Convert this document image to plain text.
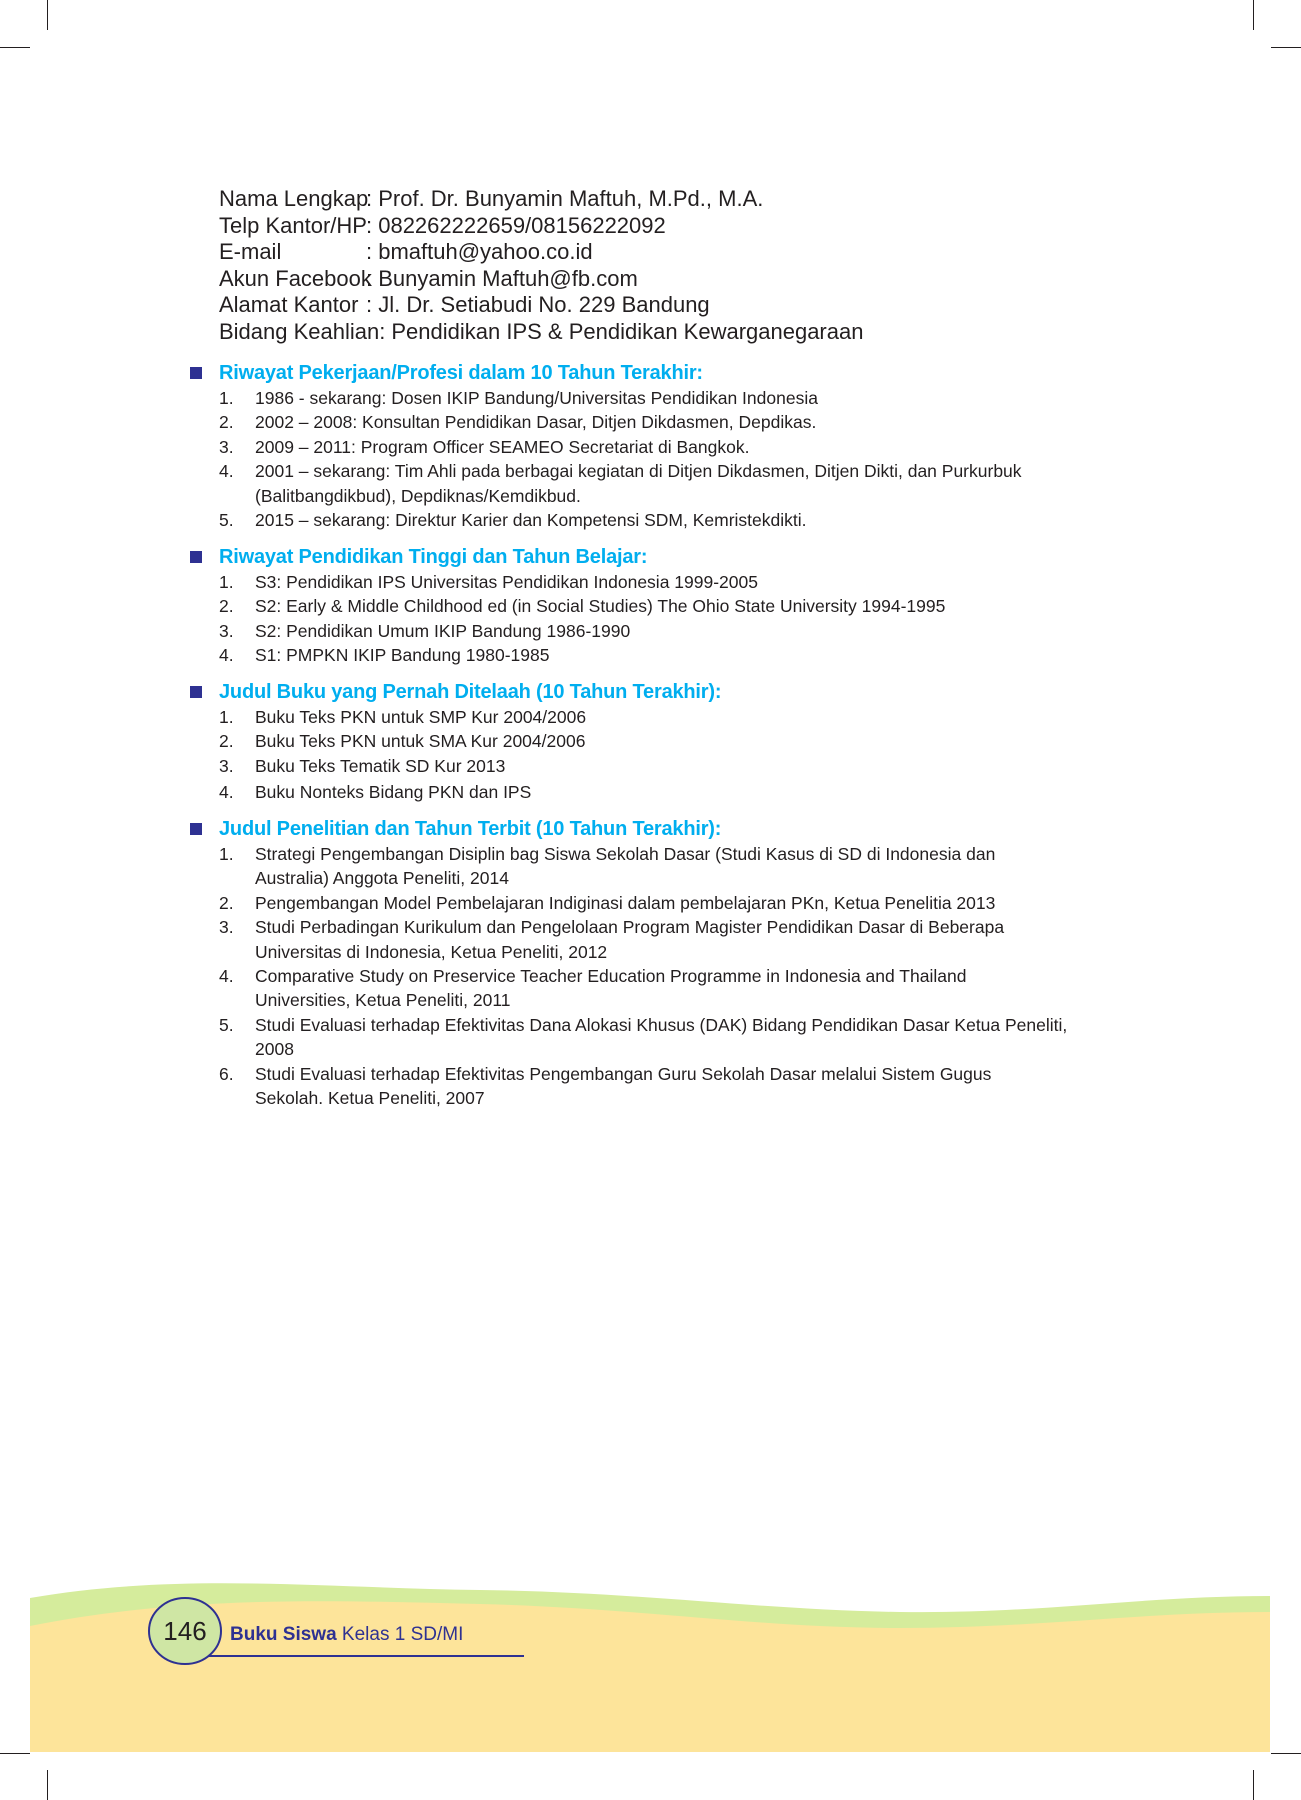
Nama Lengkap
: Prof. Dr. Bunyamin Maftuh, M.Pd., M.A.
Telp Kantor/HP : 082262222659/08156222092
E-mail	: bmaftuh@yahoo.co.id
Akun Facebook
: Bunyamin Maftuh@fb.com
Alamat Kantor : Jl. Dr. Setiabudi No. 229 Bandung
Bidang Keahlian: Pendidikan IPS & Pendidikan Kewarganegaraan
Riwayat Pekerjaan/Profesi dalam 10 Tahun Terakhir:
1.	1986 - sekarang: Dosen IKIP Bandung/Universitas Pendidikan Indonesia
2.	2002 – 2008: Konsultan Pendidikan Dasar, Ditjen Dikdasmen, Depdikas.
3.	2009 – 2011: Program Officer SEAMEO Secretariat di Bangkok.
4.	2001 – sekarang: Tim Ahli pada berbagai kegiatan di Ditjen Dikdasmen, Ditjen Dikti, dan Purkurbuk (Balitbangdikbud), Depdiknas/Kemdikbud.
5.	2015 – sekarang: Direktur Karier dan Kompetensi SDM, Kemristekdikti.
Riwayat Pendidikan Tinggi dan Tahun Belajar:
1.	S3: Pendidikan IPS Universitas Pendidikan Indonesia 1999-2005
2.	S2: Early & Middle Childhood ed (in Social Studies) The Ohio State University 1994-1995
3.	S2: Pendidikan Umum IKIP Bandung 1986-1990
4.	S1: PMPKN IKIP Bandung 1980-1985
Judul Buku yang Pernah Ditelaah (10 Tahun Terakhir):
1.	Buku Teks PKN untuk SMP Kur 2004/2006
2.	Buku Teks PKN untuk SMA Kur 2004/2006
3.	Buku Teks Tematik SD Kur 2013
4.	Buku Nonteks Bidang PKN dan IPS
Judul Penelitian dan Tahun Terbit (10 Tahun Terakhir):
1.	Strategi Pengembangan Disiplin bag Siswa Sekolah Dasar (Studi Kasus di SD di Indonesia dan Australia) Anggota Peneliti, 2014
2.	Pengembangan Model Pembelajaran Indiginasi dalam pembelajaran PKn, Ketua Penelitia 2013
3.	Studi Perbadingan Kurikulum dan Pengelolaan Program Magister Pendidikan Dasar di Beberapa Universitas di Indonesia, Ketua Peneliti, 2012
4.	Comparative Study on Preservice Teacher Education Programme in Indonesia and Thailand Universities, Ketua Peneliti, 2011
5.	Studi Evaluasi terhadap Efektivitas Dana Alokasi Khusus (DAK) Bidang Pendidikan Dasar Ketua Peneliti, 2008
6.	Studi Evaluasi terhadap Efektivitas Pengembangan Guru Sekolah Dasar melalui Sistem Gugus Sekolah. Ketua Peneliti, 2007
146	Buku Siswa Kelas 1 SD/MI
